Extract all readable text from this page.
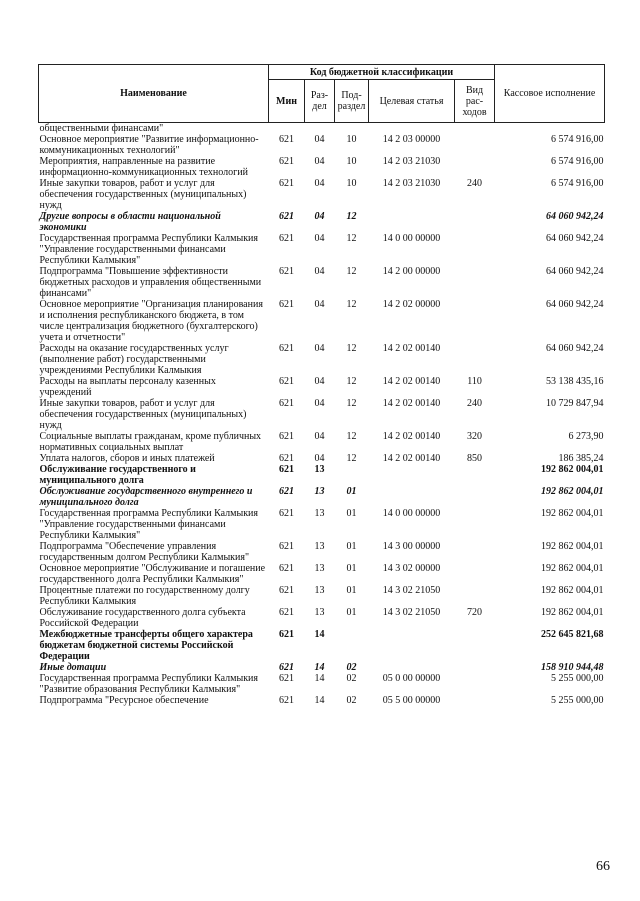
Наименование	Код бюджетной классификации					Кассовое исполнение
	Мин	Раз-дел	Под-раздел	Целевая статья	Вид рас-ходов	
общественными финансами"						
Основное мероприятие "Развитие информационно-коммуникационных технологий"	621	04	10	14 2 03 00000		6 574 916,00
Мероприятия, направленные на развитие информационно-коммуникационных технологий	621	04	10	14 2 03 21030		6 574 916,00
Иные закупки товаров, работ и услуг для обеспечения государственных (муниципальных) нужд	621	04	10	14 2 03 21030	240	6 574 916,00
Другие вопросы в области национальной экономики	621	04	12			64 060 942,24
Государственная программа Республики Калмыкия "Управление государственными финансами Республики Калмыкия"	621	04	12	14 0 00 00000		64 060 942,24
Подпрограмма "Повышение эффективности бюджетных расходов и управления общественными финансами"	621	04	12	14 2 00 00000		64 060 942,24
Основное мероприятие "Организация планирования и исполнения республиканского бюджета, в том числе централизация бюджетного (бухгалтерского) учета и отчетности"	621	04	12	14 2 02 00000		64 060 942,24
Расходы на оказание государственных услуг (выполнение работ) государственными учреждениями Республики Калмыкия	621	04	12	14 2 02 00140		64 060 942,24
Расходы на выплаты персоналу казенных учреждений	621	04	12	14 2 02 00140	110	53 138 435,16
Иные закупки товаров, работ и услуг для обеспечения государственных (муниципальных) нужд	621	04	12	14 2 02 00140	240	10 729 847,94
Социальные выплаты гражданам, кроме публичных нормативных социальных выплат	621	04	12	14 2 02 00140	320	6 273,90
Уплата налогов, сборов и иных платежей	621	04	12	14 2 02 00140	850	186 385,24
Обслуживание государственного и муниципального долга	621	13				192 862 004,01
Обслуживание государственного внутреннего и муниципального долга	621	13	01			192 862 004,01
Государственная программа Республики Калмыкия "Управление государственными финансами Республики Калмыкия"	621	13	01	14 0 00 00000		192 862 004,01
Подпрограмма "Обеспечение управления государственным долгом Республики Калмыкия"	621	13	01	14 3 00 00000		192 862 004,01
Основное мероприятие "Обслуживание и погашение государственного долга Республики Калмыкия"	621	13	01	14 3 02 00000		192 862 004,01
Процентные платежи по государственному долгу Республики Калмыкия	621	13	01	14 3 02 21050		192 862 004,01
Обслуживание государственного долга субъекта Российской Федерации	621	13	01	14 3 02 21050	720	192 862 004,01
Межбюджетные трансферты общего характера бюджетам бюджетной системы Российской Федерации	621	14				252 645 821,68
Иные дотации	621	14	02			158 910 944,48
Государственная программа Республики Калмыкия "Развитие образования Республики Калмыкия"	621	14	02	05 0 00 00000		5 255 000,00
Подпрограмма "Ресурсное обеспечение	621	14	02	05 5 00 00000		5 255 000,00
66
